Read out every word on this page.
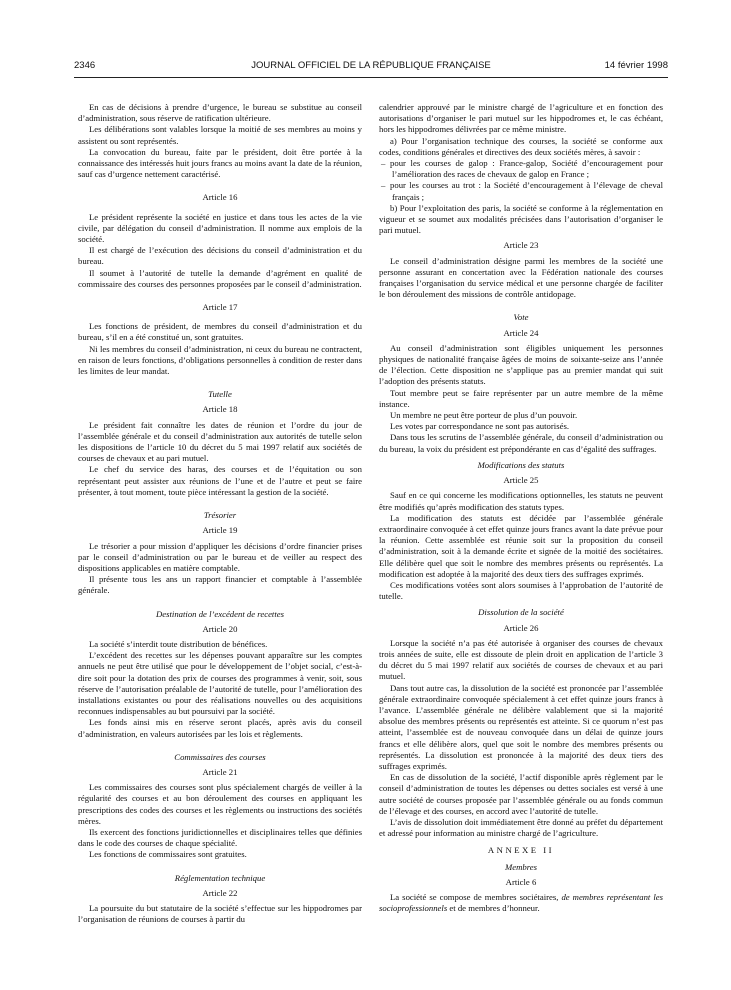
2346	JOURNAL OFFICIEL DE LA RÉPUBLIQUE FRANÇAISE	14 février 1998

En cas de décisions à prendre d’urgence, le bureau se substitue au conseil d’administration, sous réserve de ratification ultérieure.

Les délibérations sont valables lorsque la moitié de ses membres au moins y assistent ou sont représentés.

La convocation du bureau, faite par le président, doit être portée à la connaissance des intéressés huit jours francs au moins avant la date de la réunion, sauf cas d’urgence nettement caractérisé.

Article 16

Le président représente la société en justice et dans tous les actes de la vie civile, par délégation du conseil d’administration. Il nomme aux emplois de la société.

Il est chargé de l’exécution des décisions du conseil d’administration et du bureau.

Il soumet à l’autorité de tutelle la demande d’agrément en qualité de commissaire des courses des personnes proposées par le conseil d’administration.

Article 17

Les fonctions de président, de membres du conseil d’administration et du bureau, s’il en a été constitué un, sont gratuites.

Ni les membres du conseil d’administration, ni ceux du bureau ne contractent, en raison de leurs fonctions, d’obligations personnelles à condition de rester dans les limites de leur mandat.

Tutelle
Article 18

Le président fait connaître les dates de réunion et l’ordre du jour de l’assemblée générale et du conseil d’administration aux autorités de tutelle selon les dispositions de l’article 10 du décret du 5 mai 1997 relatif aux sociétés de courses de chevaux et au pari mutuel.

Le chef du service des haras, des courses et de l’équitation ou son représentant peut assister aux réunions de l’une et de l’autre et peut se faire présenter, à tout moment, toute pièce intéressant la gestion de la société.

Trésorier
Article 19

Le trésorier a pour mission d’appliquer les décisions d’ordre financier prises par le conseil d’administration ou par le bureau et de veiller au respect des dispositions applicables en matière comptable.

Il présente tous les ans un rapport financier et comptable à l’assemblée générale.

Destination de l’excédent de recettes
Article 20

La société s’interdit toute distribution de bénéfices.

L’excédent des recettes sur les dépenses pouvant apparaître sur les comptes annuels ne peut être utilisé que pour le développement de l’objet social, c’est-à-dire soit pour la dotation des prix de courses des programmes à venir, soit, sous réserve de l’autorisation préalable de l’autorité de tutelle, pour l’amélioration des installations existantes ou pour des réalisations nouvelles ou des acquisitions reconnues indispensables au but poursuivi par la société.

Les fonds ainsi mis en réserve seront placés, après avis du conseil d’administration, en valeurs autorisées par les lois et règlements.

Commissaires des courses
Article 21

Les commissaires des courses sont plus spécialement chargés de veiller à la régularité des courses et au bon déroulement des courses en appliquant les prescriptions des codes des courses et les règlements ou instructions des sociétés mères.

Ils exercent des fonctions juridictionnelles et disciplinaires telles que définies dans le code des courses de chaque spécialité.

Les fonctions de commissaires sont gratuites.

Réglementation technique
Article 22

La poursuite du but statutaire de la société s’effectue sur les hippodromes par l’organisation de réunions de courses à partir du

calendrier approuvé par le ministre chargé de l’agriculture et en fonction des autorisations d’organiser le pari mutuel sur les hippodromes et, le cas échéant, hors les hippodromes délivrées par ce même ministre.

a) Pour l’organisation technique des courses, la société se conforme aux codes, conditions générales et directives des deux sociétés mères, à savoir :

– pour les courses de galop : France-galop, Société d’encouragement pour l’amélioration des races de chevaux de galop en France ;

– pour les courses au trot : la Société d’encouragement à l’élevage de cheval français ;

b) Pour l’exploitation des paris, la société se conforme à la réglementation en vigueur et se soumet aux modalités précisées dans l’autorisation d’organiser le pari mutuel.

Article 23

Le conseil d’administration désigne parmi les membres de la société une personne assurant en concertation avec la Fédération nationale des courses françaises l’organisation du service médical et une personne chargée de faciliter le bon déroulement des missions de contrôle antidopage.

Vote
Article 24

Au conseil d’administration sont éligibles uniquement les personnes physiques de nationalité française âgées de moins de soixante-seize ans l’année de l’élection. Cette disposition ne s’applique pas au premier mandat qui suit l’adoption des présents statuts.

Tout membre peut se faire représenter par un autre membre de la même instance.

Un membre ne peut être porteur de plus d’un pouvoir.

Les votes par correspondance ne sont pas autorisés.

Dans tous les scrutins de l’assemblée générale, du conseil d’administration ou du bureau, la voix du président est prépondérante en cas d’égalité des suffrages.

Modifications des statuts
Article 25

Sauf en ce qui concerne les modifications optionnelles, les statuts ne peuvent être modifiés qu’après modification des statuts types.

La modification des statuts est décidée par l’assemblée générale extraordinaire convoquée à cet effet quinze jours francs avant la date prévue pour la réunion. Cette assemblée est réunie soit sur la proposition du conseil d’administration, soit à la demande écrite et signée de la moitié des sociétaires. Elle délibère quel que soit le nombre des membres présents ou représentés. La modification est adoptée à la majorité des deux tiers des suffrages exprimés.

Ces modifications votées sont alors soumises à l’approbation de l’autorité de tutelle.

Dissolution de la société
Article 26

Lorsque la société n’a pas été autorisée à organiser des courses de chevaux trois années de suite, elle est dissoute de plein droit en application de l’article 3 du décret du 5 mai 1997 relatif aux sociétés de courses de chevaux et au pari mutuel.

Dans tout autre cas, la dissolution de la société est prononcée par l’assemblée générale extraordinaire convoquée spécialement à cet effet quinze jours francs à l’avance. L’assemblée générale ne délibère valablement que si la majorité absolue des membres présents ou représentés est atteinte. Si ce quorum n’est pas atteint, l’assemblée est de nouveau convoquée dans un délai de quinze jours francs et elle délibère alors, quel que soit le nombre des membres présents ou représentés. La dissolution est prononcée à la majorité des deux tiers des suffrages exprimés.

En cas de dissolution de la société, l’actif disponible après règlement par le conseil d’administration de toutes les dépenses ou dettes sociales est versé à une autre société de courses proposée par l’assemblée générale ou au fonds commun de l’élevage et des courses, en accord avec l’autorité de tutelle.

L’avis de dissolution doit immédiatement être donné au préfet du département et adressé pour information au ministre chargé de l’agriculture.

ANNEXE II
Membres
Article 6

La société se compose de membres sociétaires, de membres représentant les socioprofessionnels et de membres d’honneur.
